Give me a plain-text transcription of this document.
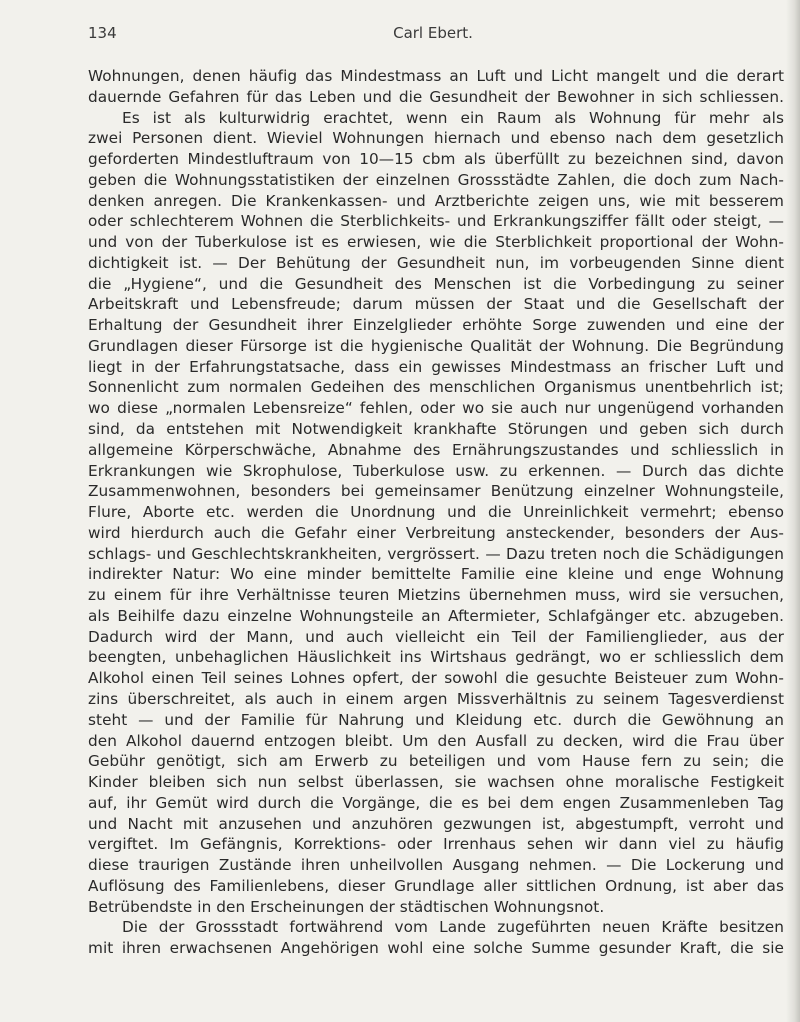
134	Carl Ebert.
Wohnungen, denen häufig das Mindestmass an Luft und Licht mangelt und die derart
dauernde Gefahren für das Leben und die Gesundheit der Bewohner in sich schliessen.
Es ist als kulturwidrig erachtet, wenn ein Raum als Wohnung für mehr als
zwei Personen dient. Wieviel Wohnungen hiernach und ebenso nach dem gesetzlich
geforderten Mindestluftraum von 10—15 cbm als überfüllt zu bezeichnen sind, davon
geben die Wohnungsstatistiken der einzelnen Grossstädte Zahlen, die doch zum Nach-
denken anregen. Die Krankenkassen- und Arztberichte zeigen uns, wie mit besserem
oder schlechterem Wohnen die Sterblichkeits- und Erkrankungsziffer fällt oder steigt, —
und von der Tuberkulose ist es erwiesen, wie die Sterblichkeit proportional der Wohn-
dichtigkeit ist. — Der Behütung der Gesundheit nun, im vorbeugenden Sinne dient
die „Hygiene“, und die Gesundheit des Menschen ist die Vorbedingung zu seiner
Arbeitskraft und Lebensfreude; darum müssen der Staat und die Gesellschaft der
Erhaltung der Gesundheit ihrer Einzelglieder erhöhte Sorge zuwenden und eine der
Grundlagen dieser Fürsorge ist die hygienische Qualität der Wohnung. Die Begründung
liegt in der Erfahrungstatsache, dass ein gewisses Mindestmass an frischer Luft und
Sonnenlicht zum normalen Gedeihen des menschlichen Organismus unentbehrlich ist;
wo diese „normalen Lebensreize“ fehlen, oder wo sie auch nur ungenügend vorhanden
sind, da entstehen mit Notwendigkeit krankhafte Störungen und geben sich durch
allgemeine Körperschwäche, Abnahme des Ernährungszustandes und schliesslich in
Erkrankungen wie Skrophulose, Tuberkulose usw. zu erkennen. — Durch das dichte
Zusammenwohnen, besonders bei gemeinsamer Benützung einzelner Wohnungsteile,
Flure, Aborte etc. werden die Unordnung und die Unreinlichkeit vermehrt; ebenso
wird hierdurch auch die Gefahr einer Verbreitung ansteckender, besonders der Aus-
schlags- und Geschlechtskrankheiten, vergrössert. — Dazu treten noch die Schädigungen
indirekter Natur: Wo eine minder bemittelte Familie eine kleine und enge Wohnung
zu einem für ihre Verhältnisse teuren Mietzins übernehmen muss, wird sie versuchen,
als Beihilfe dazu einzelne Wohnungsteile an Aftermieter, Schlafgänger etc. abzugeben.
Dadurch wird der Mann, und auch vielleicht ein Teil der Familienglieder, aus der
beengten, unbehaglichen Häuslichkeit ins Wirtshaus gedrängt, wo er schliesslich dem
Alkohol einen Teil seines Lohnes opfert, der sowohl die gesuchte Beisteuer zum Wohn-
zins überschreitet, als auch in einem argen Missverhältnis zu seinem Tagesverdienst
steht — und der Familie für Nahrung und Kleidung etc. durch die Gewöhnung an
den Alkohol dauernd entzogen bleibt. Um den Ausfall zu decken, wird die Frau über
Gebühr genötigt, sich am Erwerb zu beteiligen und vom Hause fern zu sein; die
Kinder bleiben sich nun selbst überlassen, sie wachsen ohne moralische Festigkeit
auf, ihr Gemüt wird durch die Vorgänge, die es bei dem engen Zusammenleben Tag
und Nacht mit anzusehen und anzuhören gezwungen ist, abgestumpft, verroht und
vergiftet. Im Gefängnis, Korrektions- oder Irrenhaus sehen wir dann viel zu häufig
diese traurigen Zustände ihren unheilvollen Ausgang nehmen. — Die Lockerung und
Auflösung des Familienlebens, dieser Grundlage aller sittlichen Ordnung, ist aber das
Betrübendste in den Erscheinungen der städtischen Wohnungsnot.
Die der Grossstadt fortwährend vom Lande zugeführten neuen Kräfte besitzen
mit ihren erwachsenen Angehörigen wohl eine solche Summe gesunder Kraft, die sie
